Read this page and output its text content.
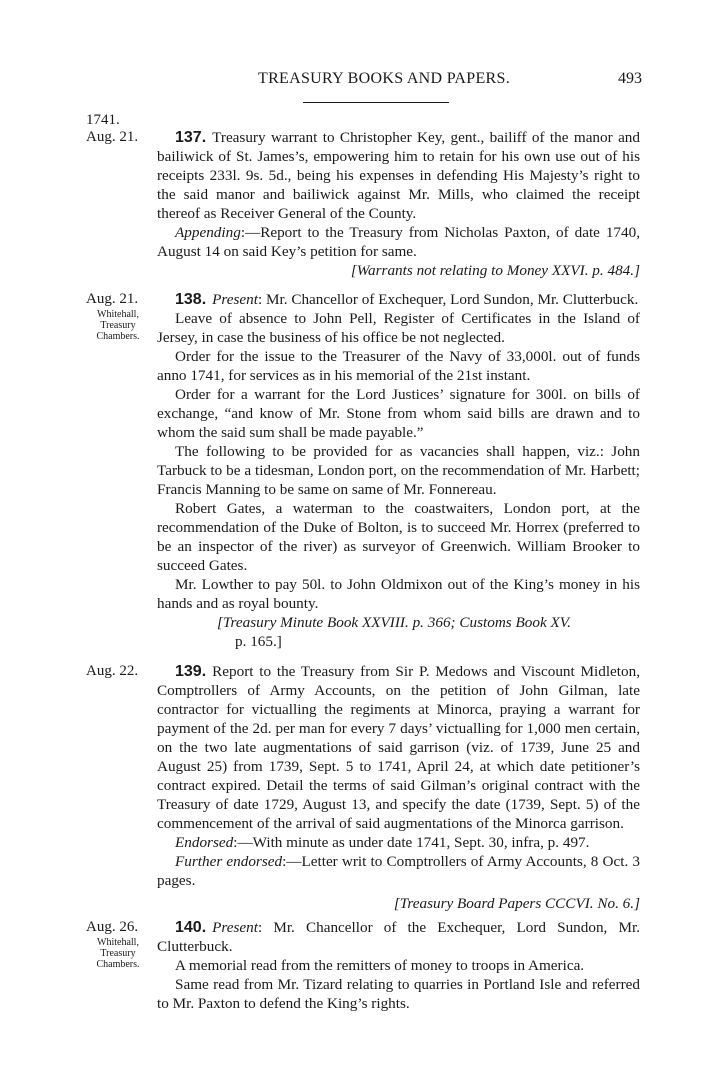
TREASURY BOOKS AND PAPERS.	493
1741.
Aug. 21.	137. Treasury warrant to Christopher Key, gent., bailiff of the manor and bailiwick of St. James’s, empowering him to retain for his own use out of his receipts 233l. 9s. 5d., being his expenses in defending His Majesty’s right to the said manor and bailiwick against Mr. Mills, who claimed the receipt thereof as Receiver General of the County.

Appending:—Report to the Treasury from Nicholas Paxton, of date 1740, August 14 on said Key’s petition for same.

[Warrants not relating to Money XXVI. p. 484.]

Aug. 21.
Whitehall,
Treasury
Chambers.

138. Present: Mr. Chancellor of Exchequer, Lord Sundon, Mr. Clutterbuck.

Leave of absence to John Pell, Register of Certificates in the Island of Jersey, in case the business of his office be not neglected.

Order for the issue to the Treasurer of the Navy of 33,000l. out of funds anno 1741, for services as in his memorial of the 21st instant.

Order for a warrant for the Lord Justices’ signature for 300l. on bills of exchange, “and know of Mr. Stone from whom said bills are drawn and to whom the said sum shall be made payable.”

The following to be provided for as vacancies shall happen, viz.: John Tarbuck to be a tidesman, London port, on the recommendation of Mr. Harbett; Francis Manning to be same on same of Mr. Fonnereau.

Robert Gates, a waterman to the coastwaiters, London port, at the recommendation of the Duke of Bolton, is to succeed Mr. Horrex (preferred to be an inspector of the river) as surveyor of Greenwich. William Brooker to succeed Gates.

Mr. Lowther to pay 50l. to John Oldmixon out of the King’s money in his hands and as royal bounty.

[Treasury Minute Book XXVIII. p. 366; Customs Book XV.

p. 165.]

Aug. 22.	139. Report to the Treasury from Sir P. Medows and Viscount Midleton, Comptrollers of Army Accounts, on the petition of John Gilman, late contractor for victualling the regiments at Minorca, praying a warrant for payment of the 2d. per man for every 7 days’ victualling for 1,000 men certain, on the two late augmentations of said garrison (viz. of 1739, June 25 and August 25) from 1739, Sept. 5 to 1741, April 24, at which date petitioner’s contract expired. Detail the terms of said Gilman’s original contract with the Treasury of date 1729, August 13, and specify the date (1739, Sept. 5) of the commencement of the arrival of said augmentations of the Minorca garrison.

Endorsed:—With minute as under date 1741, Sept. 30, infra, p. 497.

Further endorsed:—Letter writ to Comptrollers of Army Accounts, 8 Oct. 3 pages.

[Treasury Board Papers CCCVI. No. 6.]

Aug. 26.
Whitehall,
Treasury
Chambers.

140. Present: Mr. Chancellor of the Exchequer, Lord Sundon, Mr. Clutterbuck.

A memorial read from the remitters of money to troops in America.

Same read from Mr. Tizard relating to quarries in Portland Isle and referred to Mr. Paxton to defend the King’s rights.
